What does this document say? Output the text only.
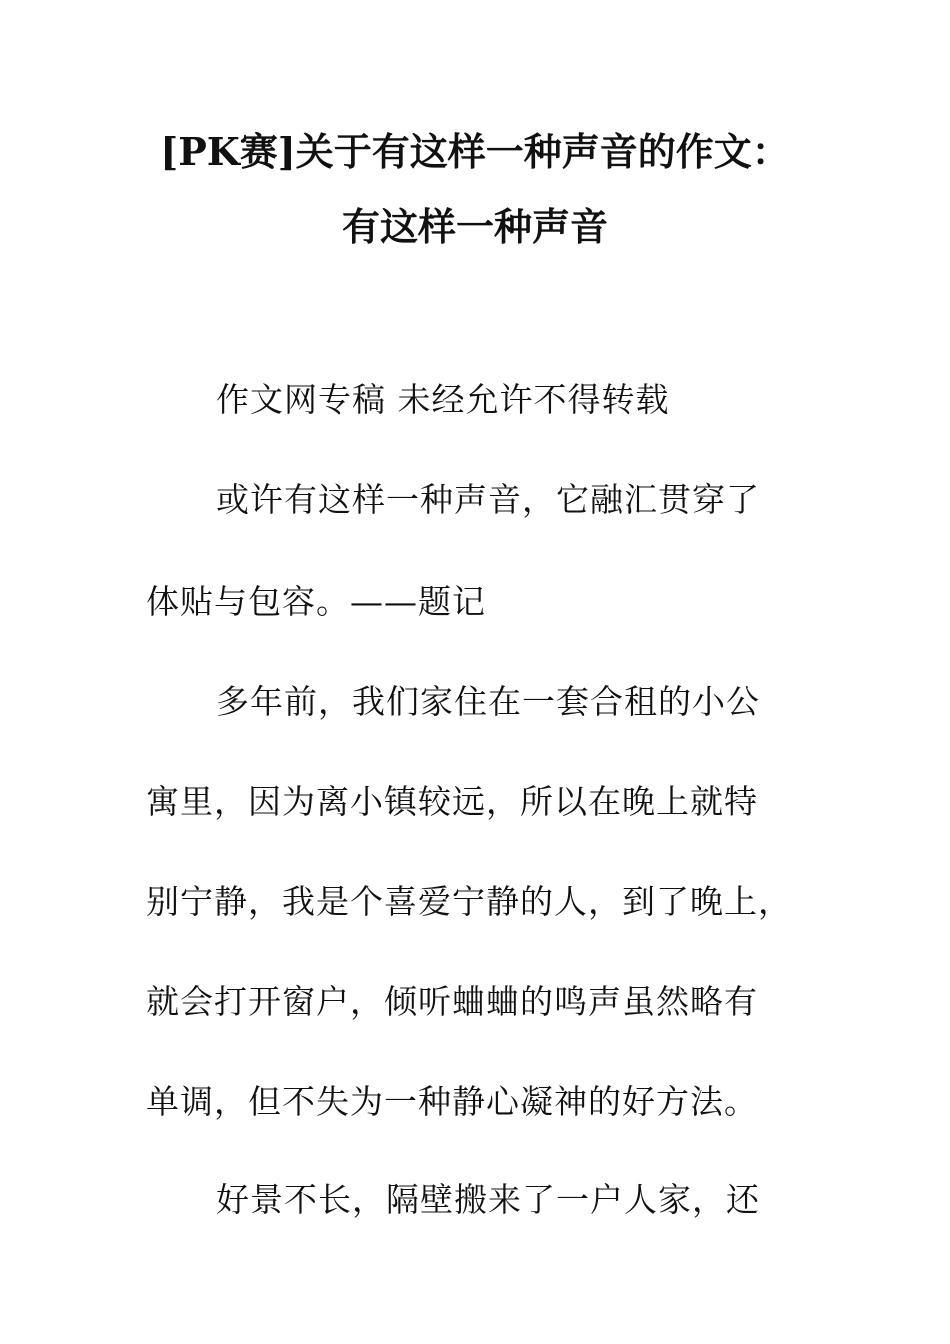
[PK赛]关于有这样一种声音的作文：
有这样一种声音
作文网专稿 未经允许不得转载
或许有这样一种声音，它融汇贯穿了
体贴与包容。——题记
多年前，我们家住在一套合租的小公
寓里，因为离小镇较远，所以在晚上就特
别宁静，我是个喜爱宁静的人，到了晚上，
就会打开窗户，倾听蛐蛐的鸣声虽然略有
单调，但不失为一种静心凝神的好方法。
好景不长，隔壁搬来了一户人家，还
